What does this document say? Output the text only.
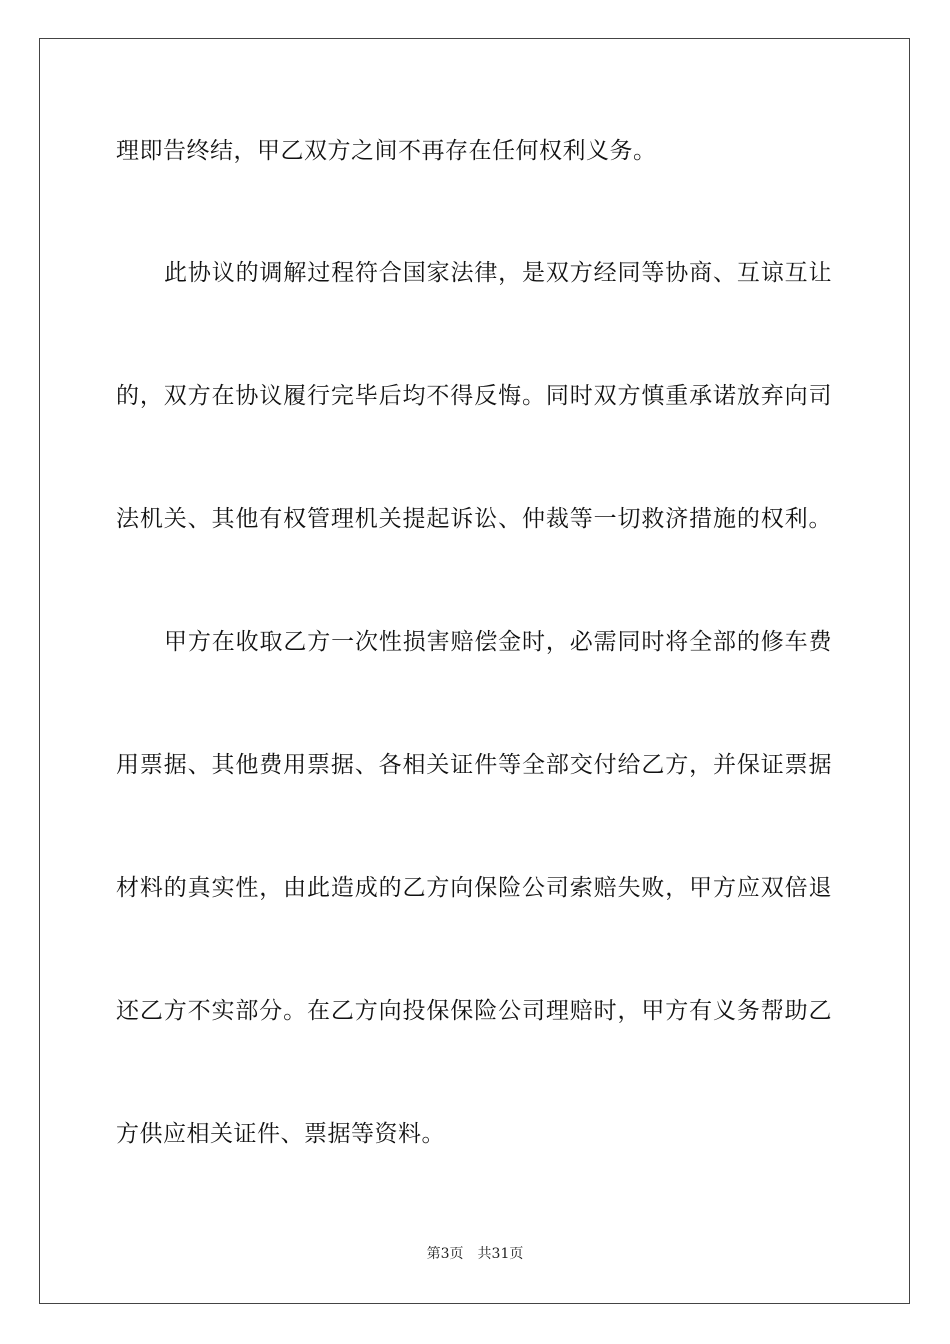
理即告终结，甲乙双方之间不再存在任何权利义务。
此协议的调解过程符合国家法律，是双方经同等协商、互谅互让
的，双方在协议履行完毕后均不得反悔。同时双方慎重承诺放弃向司
法机关、其他有权管理机关提起诉讼、仲裁等一切救济措施的权利。
甲方在收取乙方一次性损害赔偿金时，必需同时将全部的修车费
用票据、其他费用票据、各相关证件等全部交付给乙方，并保证票据
材料的真实性，由此造成的乙方向保险公司索赔失败，甲方应双倍退
还乙方不实部分。在乙方向投保保险公司理赔时，甲方有义务帮助乙
方供应相关证件、票据等资料。
第3页 共31页
